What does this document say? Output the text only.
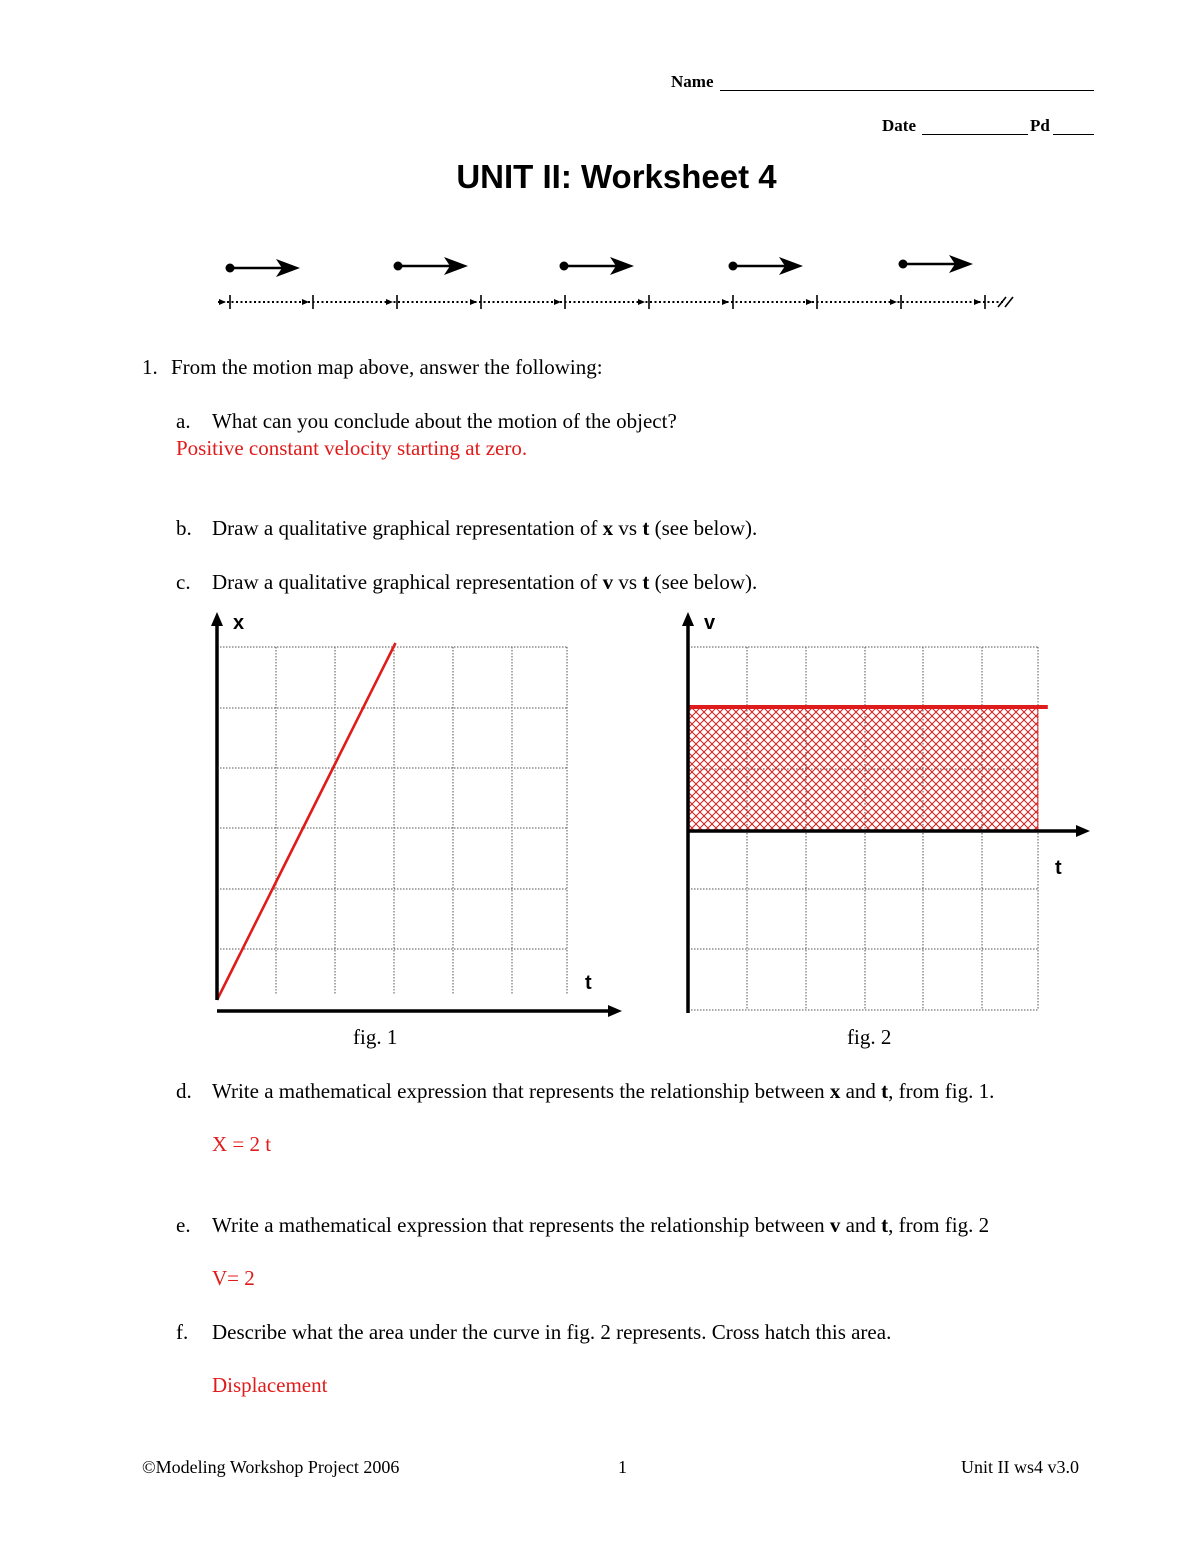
Name
Date	Pd
UNIT II: Worksheet 4
1. From the motion map above, answer the following:
a. What can you conclude about the motion of the object?
Positive constant velocity starting at zero.
b. Draw a qualitative graphical representation of x vs t (see below).
c. Draw a qualitative graphical representation of v vs t (see below).
x
t
fig. 1
v
t
fig. 2
d. Write a mathematical expression that represents the relationship between x and t, from fig. 1.
X = 2 t
e. Write a mathematical expression that represents the relationship between v and t, from fig. 2
V= 2
f. Describe what the area under the curve in fig. 2 represents. Cross hatch this area.
Displacement
©Modeling Workshop Project 2006	1	Unit II ws4 v3.0
